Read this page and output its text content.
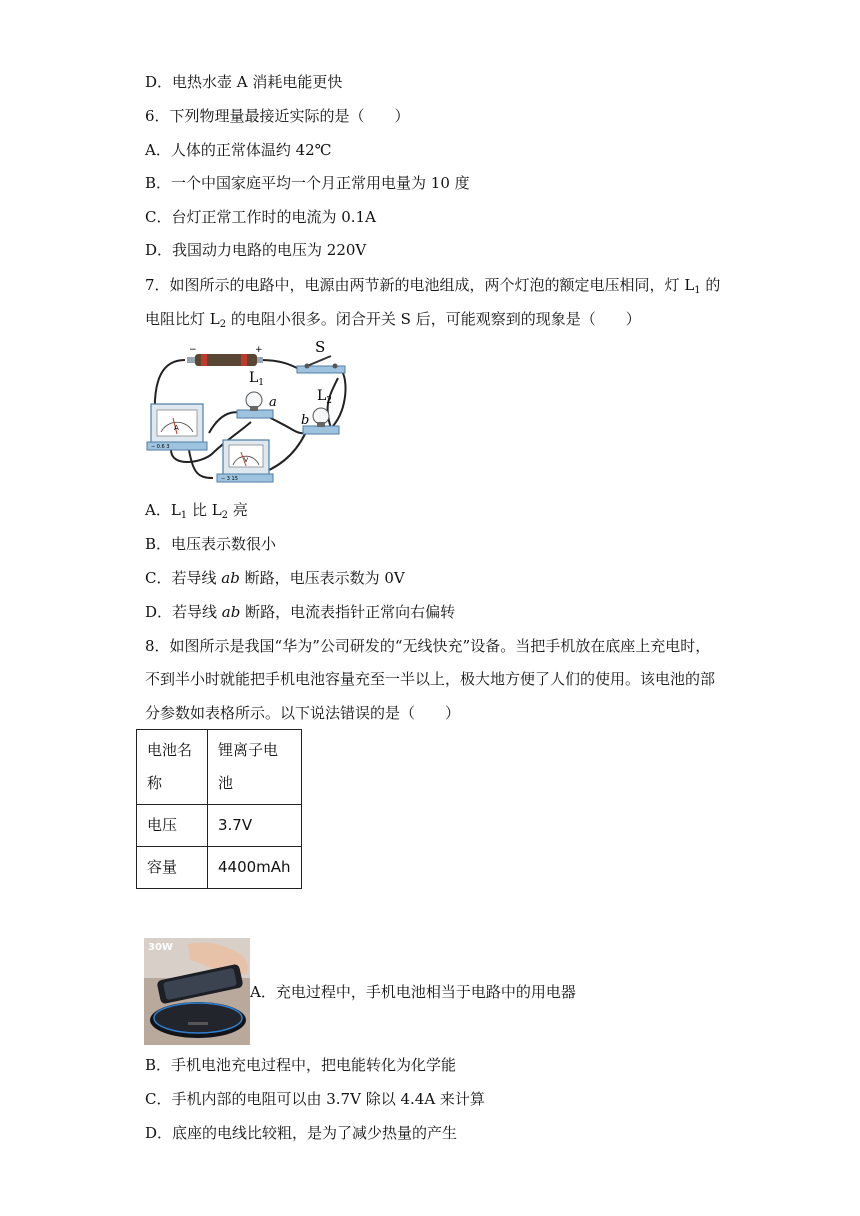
D．电热水壶 A 消耗电能更快
6．下列物理量最接近实际的是（　　）
A．人体的正常体温约 42℃
B．一个中国家庭平均一个月正常用电量为 10 度
C．台灯正常工作时的电流为 0.1A
D．我国动力电路的电压为 220V
7．如图所示的电路中，电源由两节新的电池组成，两个灯泡的额定电压相同，灯 $L_1$ 的
电阻比灯 $L_2$ 的电阻小很多。闭合开关 S 后，可能观察到的现象是（　　）
−	+	S
$L_1$
a	$L_2$
b
A
− 0.6 3
V
− 3 15
A．$L_1$ 比 $L_2$ 亮
B．电压表示数很小
C．若导线 ab 断路，电压表示数为 0V
D．若导线 ab 断路，电流表指针正常向右偏转
8．如图所示是我国“华为”公司研发的“无线快充”设备。当把手机放在底座上充电时，
不到半小时就能把手机电池容量充至一半以上，极大地方便了人们的使用。该电池的部
分参数如表格所示。以下说法错误的是（　　）
电池名
称	锂离子电
池
电压	3.7V
容量	4400mAh
30W
A．充电过程中，手机电池相当于电路中的用电器
B．手机电池充电过程中，把电能转化为化学能
C．手机内部的电阻可以由 3.7V 除以 4.4A 来计算
D．底座的电线比较粗，是为了减少热量的产生
